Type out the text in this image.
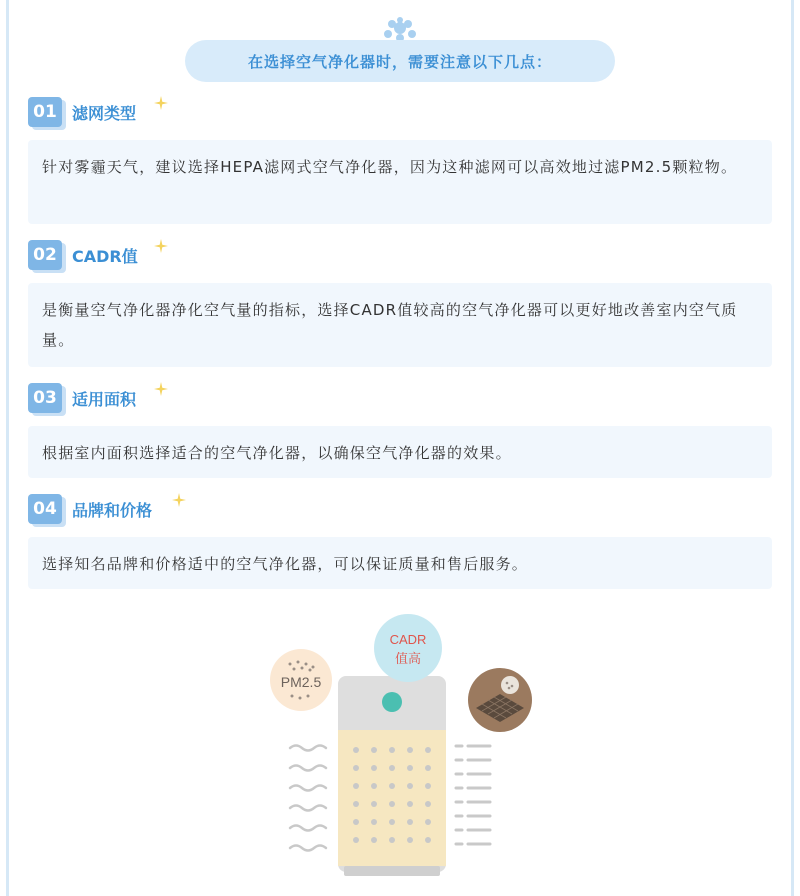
在选择空气净化器时，需要注意以下几点：
01 滤网类型
针对雾霾天气，建议选择HEPA滤网式空气净化器，因为这种滤网可以高效地过滤PM2.5颗粒物。
02 CADR值
是衡量空气净化器净化空气量的指标，选择CADR值较高的空气净化器可以更好地改善室内空气质量。
03 适用面积
根据室内面积选择适合的空气净化器，以确保空气净化器的效果。
04 品牌和价格
选择知名品牌和价格适中的空气净化器，可以保证质量和售后服务。
PM2.5
CADR
值高
